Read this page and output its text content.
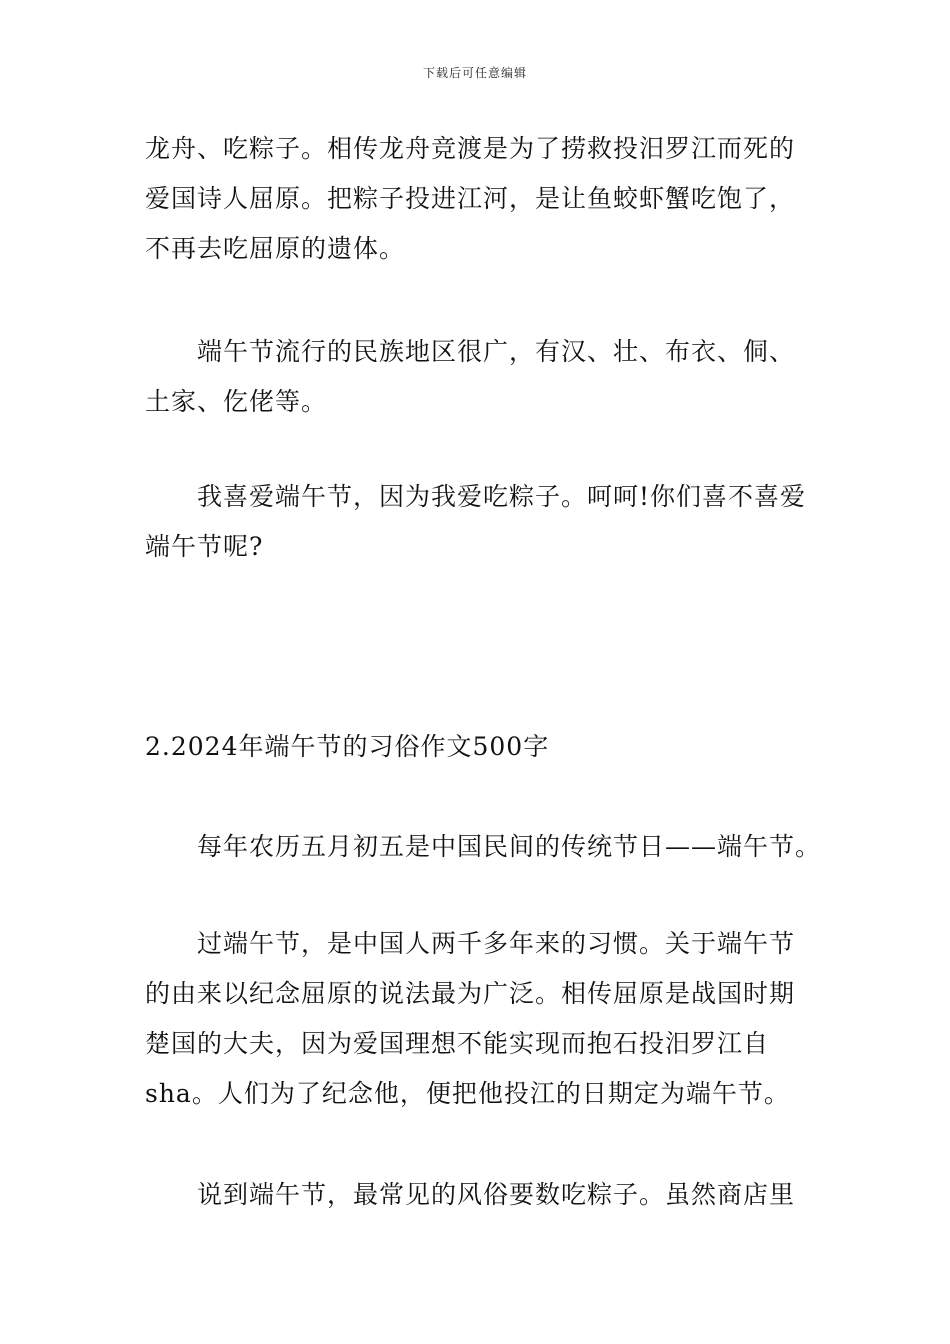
下载后可任意编辑
龙舟、吃粽子。相传龙舟竞渡是为了捞救投汨罗江而死的
爱国诗人屈原。把粽子投进江河，是让鱼蛟虾蟹吃饱了，
不再去吃屈原的遗体。
端午节流行的民族地区很广，有汉、壮、布衣、侗、
土家、仡佬等。
我喜爱端午节，因为我爱吃粽子。呵呵!你们喜不喜爱
端午节呢?
2.2024年端午节的习俗作文500字
每年农历五月初五是中国民间的传统节日——端午节。
过端午节，是中国人两千多年来的习惯。关于端午节
的由来以纪念屈原的说法最为广泛。相传屈原是战国时期
楚国的大夫，因为爱国理想不能实现而抱石投汨罗江自
sha。人们为了纪念他，便把他投江的日期定为端午节。
说到端午节，最常见的风俗要数吃粽子。虽然商店里
